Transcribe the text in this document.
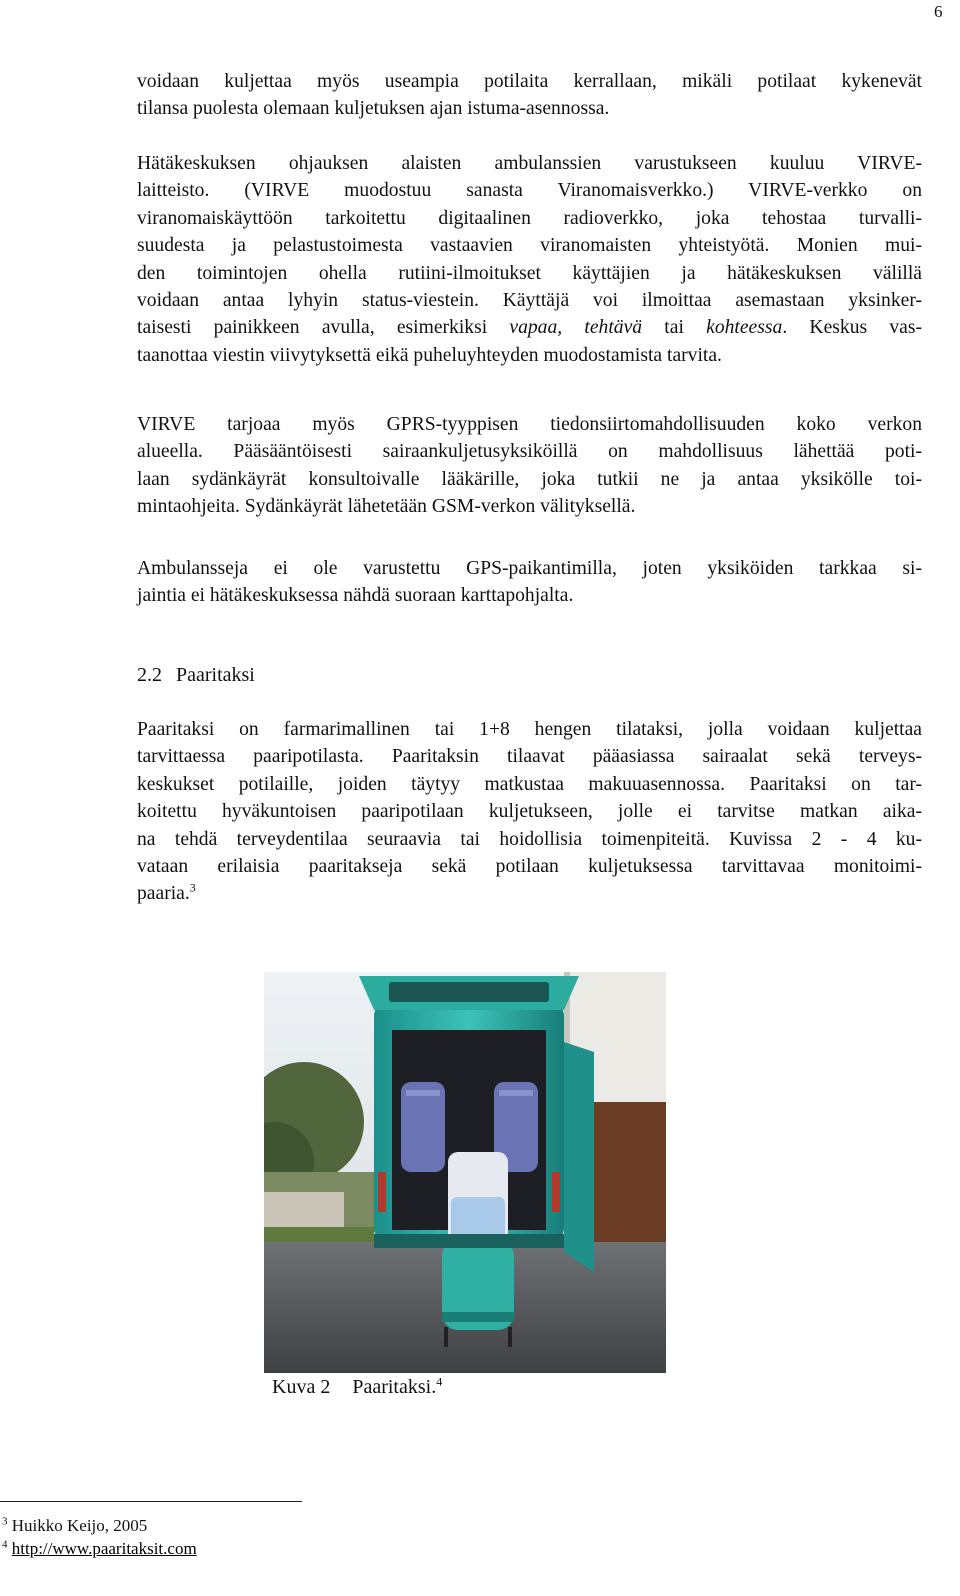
6
voidaan kuljettaa myös useampia potilaita kerrallaan, mikäli potilaat kykenevät
tilansa puolesta olemaan kuljetuksen ajan istuma-asennossa.
Hätäkeskuksen ohjauksen alaisten ambulanssien varustukseen kuuluu VIRVE-
laitteisto. (VIRVE muodostuu sanasta Viranomaisverkko.) VIRVE-verkko on
viranomaiskäyttöön tarkoitettu digitaalinen radioverkko, joka tehostaa turvalli-
suudesta ja pelastustoimesta vastaavien viranomaisten yhteistyötä. Monien mui-
den toimintojen ohella rutiini-ilmoitukset käyttäjien ja hätäkeskuksen välillä
voidaan antaa lyhyin status-viestein. Käyttäjä voi ilmoittaa asemastaan yksinker-
taisesti painikkeen avulla, esimerkiksi vapaa, tehtävä tai kohteessa. Keskus vas-
taanottaa viestin viivytyksettä eikä puheluyhteyden muodostamista tarvita.
VIRVE tarjoaa myös GPRS-tyyppisen tiedonsiirtomahdollisuuden koko verkon
alueella. Pääsääntöisesti sairaankuljetusyksiköillä on mahdollisuus lähettää poti-
laan sydänkäyrät konsultoivalle lääkärille, joka tutkii ne ja antaa yksikölle toi-
mintaohjeita. Sydänkäyrät lähetetään GSM-verkon välityksellä.
Ambulansseja ei ole varustettu GPS-paikantimilla, joten yksiköiden tarkkaa si-
jaintia ei hätäkeskuksessa nähdä suoraan karttapohjalta.
2.2 Paaritaksi
Paaritaksi on farmarimallinen tai 1+8 hengen tilataksi, jolla voidaan kuljettaa
tarvittaessa paaripotilasta. Paaritaksin tilaavat pääasiassa sairaalat sekä terveys-
keskukset potilaille, joiden täytyy matkustaa makuuasennossa. Paaritaksi on tar-
koitettu hyväkuntoisen paaripotilaan kuljetukseen, jolle ei tarvitse matkan aika-
na tehdä terveydentilaa seuraavia tai hoidollisia toimenpiteitä. Kuvissa 2 - 4 ku-
vataan erilaisia paaritakseja sekä potilaan kuljetuksessa tarvittavaa monitoimi-
paaria.$^3$
Kuva 2 Paaritaksi.$^4$
$^3$ Huikko Keijo, 2005
$^4$ http://www.paaritaksit.com
